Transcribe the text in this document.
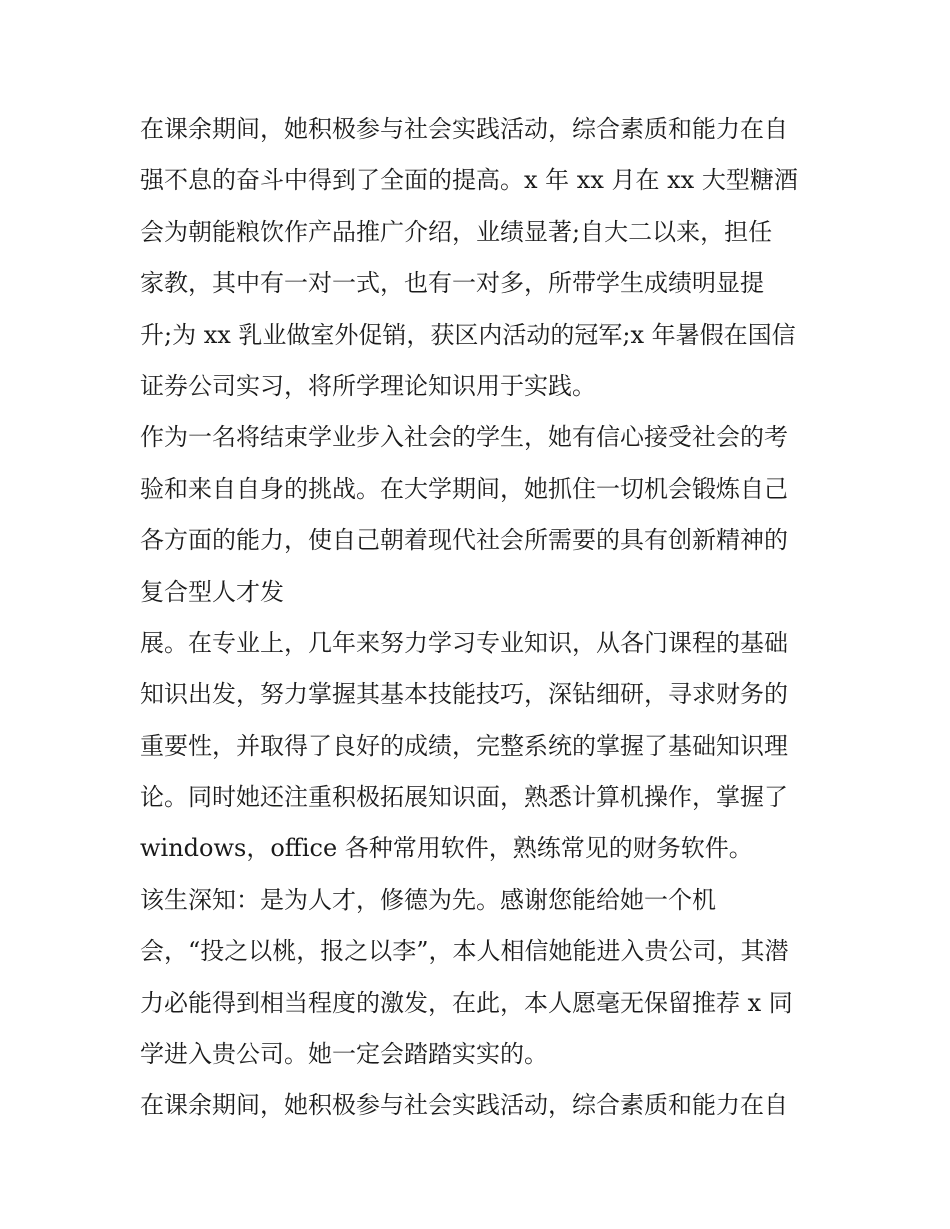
在课余期间，她积极参与社会实践活动，综合素质和能力在自
强不息的奋斗中得到了全面的提高。x 年 xx 月在 xx 大型糖酒
会为朝能粮饮作产品推广介绍，业绩显著;自大二以来，担任
家教，其中有一对一式，也有一对多，所带学生成绩明显提
升;为 xx 乳业做室外促销，获区内活动的冠军;x 年暑假在国信
证券公司实习，将所学理论知识用于实践。
作为一名将结束学业步入社会的学生，她有信心接受社会的考
验和来自自身的挑战。在大学期间，她抓住一切机会锻炼自己
各方面的能力，使自己朝着现代社会所需要的具有创新精神的
复合型人才发
展。在专业上，几年来努力学习专业知识，从各门课程的基础
知识出发，努力掌握其基本技能技巧，深钻细研，寻求财务的
重要性，并取得了良好的成绩，完整系统的掌握了基础知识理
论。同时她还注重积极拓展知识面，熟悉计算机操作，掌握了
windows，office 各种常用软件，熟练常见的财务软件。
该生深知：是为人才，修德为先。感谢您能给她一个机
会，“投之以桃，报之以李”，本人相信她能进入贵公司，其潜
力必能得到相当程度的激发，在此，本人愿毫无保留推荐 x 同
学进入贵公司。她一定会踏踏实实的。
在课余期间，她积极参与社会实践活动，综合素质和能力在自
